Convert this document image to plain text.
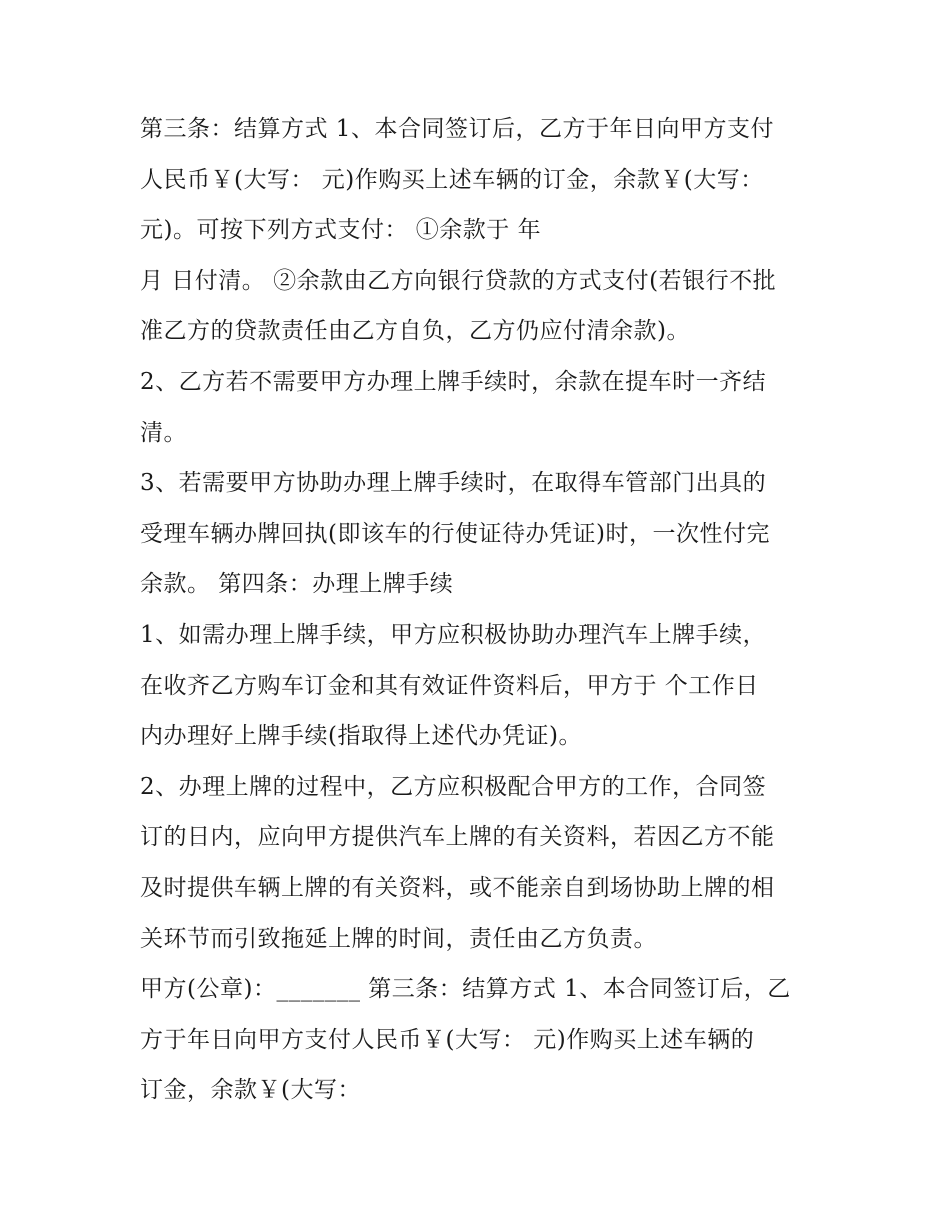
第三条：结算方式 1、本合同签订后，乙方于年日向甲方支付
人民币￥(大写： 元)作购买上述车辆的订金，余款￥(大写：
元)。可按下列方式支付： ①余款于 年
月 日付清。 ②余款由乙方向银行贷款的方式支付(若银行不批
准乙方的贷款责任由乙方自负，乙方仍应付清余款)。
2、乙方若不需要甲方办理上牌手续时，余款在提车时一齐结
清。
3、若需要甲方协助办理上牌手续时，在取得车管部门出具的
受理车辆办牌回执(即该车的行使证待办凭证)时，一次性付完
余款。 第四条：办理上牌手续
1、如需办理上牌手续，甲方应积极协助办理汽车上牌手续，
在收齐乙方购车订金和其有效证件资料后，甲方于 个工作日
内办理好上牌手续(指取得上述代办凭证)。
2、办理上牌的过程中，乙方应积极配合甲方的工作，合同签
订的日内，应向甲方提供汽车上牌的有关资料，若因乙方不能
及时提供车辆上牌的有关资料，或不能亲自到场协助上牌的相
关环节而引致拖延上牌的时间，责任由乙方负责。
甲方(公章)：_______ 第三条：结算方式 1、本合同签订后，乙
方于年日向甲方支付人民币￥(大写： 元)作购买上述车辆的
订金，余款￥(大写：
